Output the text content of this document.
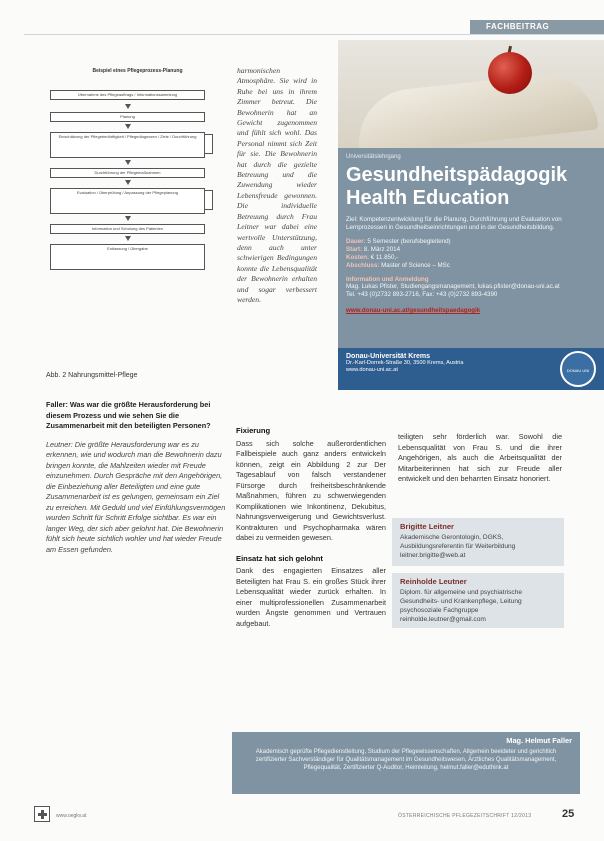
FACHBEITRAG
Beispiel eines Pflegeprozess-Planung
Übernahme des Pflegeauftrags / Informationssammlung
Planung
Einschätzung der Pflegebedürftigkeit / Pflegediagnosen / Ziele / Durchführung
Durchführung der Pflegemaßnahmen
Evaluation / Überprüfung / Anpassung der Pflegeplanung
Information und Schulung des Patienten
Entlassung / Übergabe
Abb. 2 Nahrungsmittel-Pflege

Faller: Was war die größte Herausforderung bei diesem Prozess und wie sehen Sie die Zusammenarbeit mit den beteiligten Personen?

Leutner: Die größte Herausforderung war es zu erkennen, wie und wodurch man die Bewohnerin dazu bringen konnte, die Mahlzeiten wieder mit Freude einzunehmen. Durch Gespräche mit den Angehörigen, die Einbeziehung aller Beteiligten und eine gute Zusammenarbeit ist es gelungen, gemeinsam ein Ziel zu erreichen. Mit Geduld und viel Einfühlungsvermögen wurden Schritt für Schritt Erfolge sichtbar. Es war ein langer Weg, der sich aber gelohnt hat. Die Bewohnerin fühlt sich heute sichtlich wohler und hat wieder Freude am Essen gefunden.

harmonischen Atmosphäre. Sie wird in Ruhe bei uns in ihrem Zimmer betreut. Die Bewohnerin hat an Gewicht zugenommen und fühlt sich wohl. Das Personal nimmt sich Zeit für sie. Die Bewohnerin hat durch die gezielte Betreuung und die Zuwendung wieder Lebensfreude gewonnen. Die individuelle Betreuung durch Frau Leitner war dabei eine wertvolle Unterstützung, denn auch unter schwierigen Bedingungen konnte die Lebensqualität der Bewohnerin erhalten und sogar verbessert werden.
Universitätslehrgang
Gesundheitspädagogik
Health Education
Ziel: Kompetenzentwicklung für die Planung, Durchführung und Evaluation von Lernprozessen in Gesundheitseinrichtungen und in der Gesundheitsbildung.
Dauer: 5 Semester (berufsbegleitend)
Start: 8. März 2014
Kosten: € 11.850,-
Abschluss: Master of Science – MSc
Information und Anmeldung
Mag. Lukas Pfister, Studiengangsmanagement, lukas.pfister@donau-uni.ac.at
Tel. +43 (0)2732 893-2716, Fax: +43 (0)2732 893-4390
www.donau-uni.ac.at/gesundheitspaedagogik
Donau-Universität Krems
Dr.-Karl-Dorrek-Straße 30, 3500 Krems, Austria
www.donau-uni.ac.at	DONAU UNI
Fixierung

Dass sich solche außerordentlichen Fallbeispiele auch ganz anders entwickeln können, zeigt ein Abbildung 2 zur Der Tagesablauf von falsch verstandener Fürsorge durch freiheitsbeschränkende Maßnahmen, führen zu schwerwiegenden Komplikationen wie Inkontinenz, Dekubitus, Nahrungsverweigerung und Gewichtsverlust. Kontrakturen und Psychopharmaka wären dabei zu vermeiden gewesen.

Einsatz hat sich gelohnt

Dank des engagierten Einsatzes aller Beteiligten hat Frau S. ein großes Stück ihrer Lebensqualität wieder zurück erhalten. In einer multiprofessionellen Zusammenarbeit wurden Ängste genommen und Vertrauen aufgebaut.

teiligten sehr förderlich war. Sowohl die Lebensqualität von Frau S. und die ihrer Angehörigen, als auch die Arbeitsqualität der Mitarbeiterinnen hat sich zur Freude aller entwickelt und den beharrten Einsatz honoriert.
Brigitte Leitner

Akademische Gerontologin, DGKS, Ausbildungsreferentin für Weiterbildung leitner.brigitte@web.at

Reinholde Leutner

Diplom. für allgemeine und psychiatrische Gesundheits- und Krankenpflege, Leitung psychosoziale Fachgruppe reinholde.leutner@gmail.com

Mag. Helmut Faller
Akademisch geprüfte Pflegedienstleitung, Studium der Pflegewissenschaften, Allgemein beeideter und gerichtlich zertifizierter Sachverständiger für Qualitätsmanagement im Gesundheitswesen, Ärztliches Qualitätsmanagement, Pflegequalität, Zertifizierter Q-Auditor, Heimleitung, helmut.faller@eduthink.at
www.oegkv.at	ÖSTERREICHISCHE PFLEGEZEITSCHRIFT 12/2013	25
